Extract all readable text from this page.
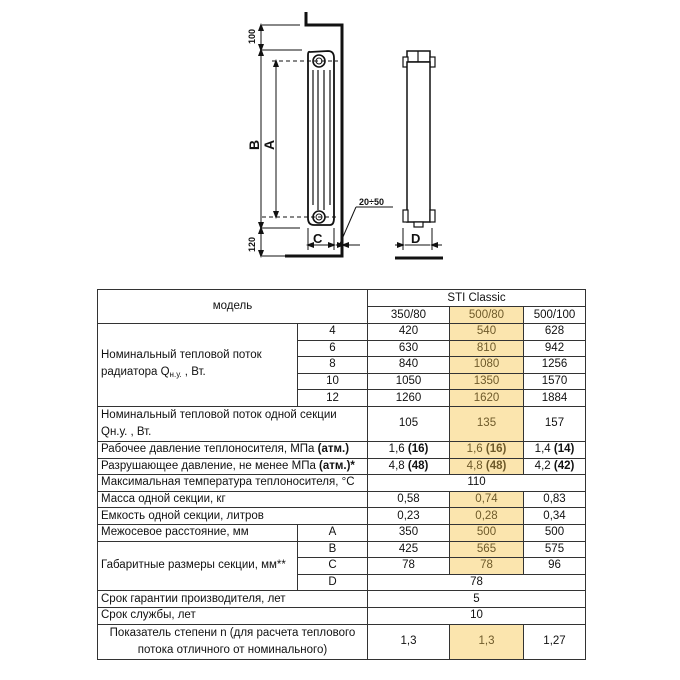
100
120
B A
C
20÷50
D
модель		STI Classic		
		350/80	500/80	500/100
Номинальный тепловой поток
радиатора $Q_{н.у.}$ , Вт.	4	420	540	628
	6	630	810	942
	8	840	1080	1256
	10	1050	1350	1570
	12	1260	1620	1884
Номинальный тепловой поток одной секции
Qн.у. , Вт.		105	135	157
Рабочее давление теплоносителя, МПа (атм.)		1,6 (16)	1,6 (16)	1,4 (14)
Разрушающее давление, не менее МПа (атм.)*		4,8 (48)	4,8 (48)	4,2 (42)
Максимальная температура теплоносителя, °С		110		
Масса одной секции, кг		0,58	0,74	0,83
Емкость одной секции, литров		0,23	0,28	0,34
Межосевое расстояние, мм	A	350	500	500
Габаритные размеры секции, мм**	B	425	565	575
	C	78	78	96
	D	78		
Срок гарантии производителя, лет		5		
Срок службы, лет		10		
Показатель степени n (для расчета теплового
потока отличного от номинального)		1,3	1,3	1,27
